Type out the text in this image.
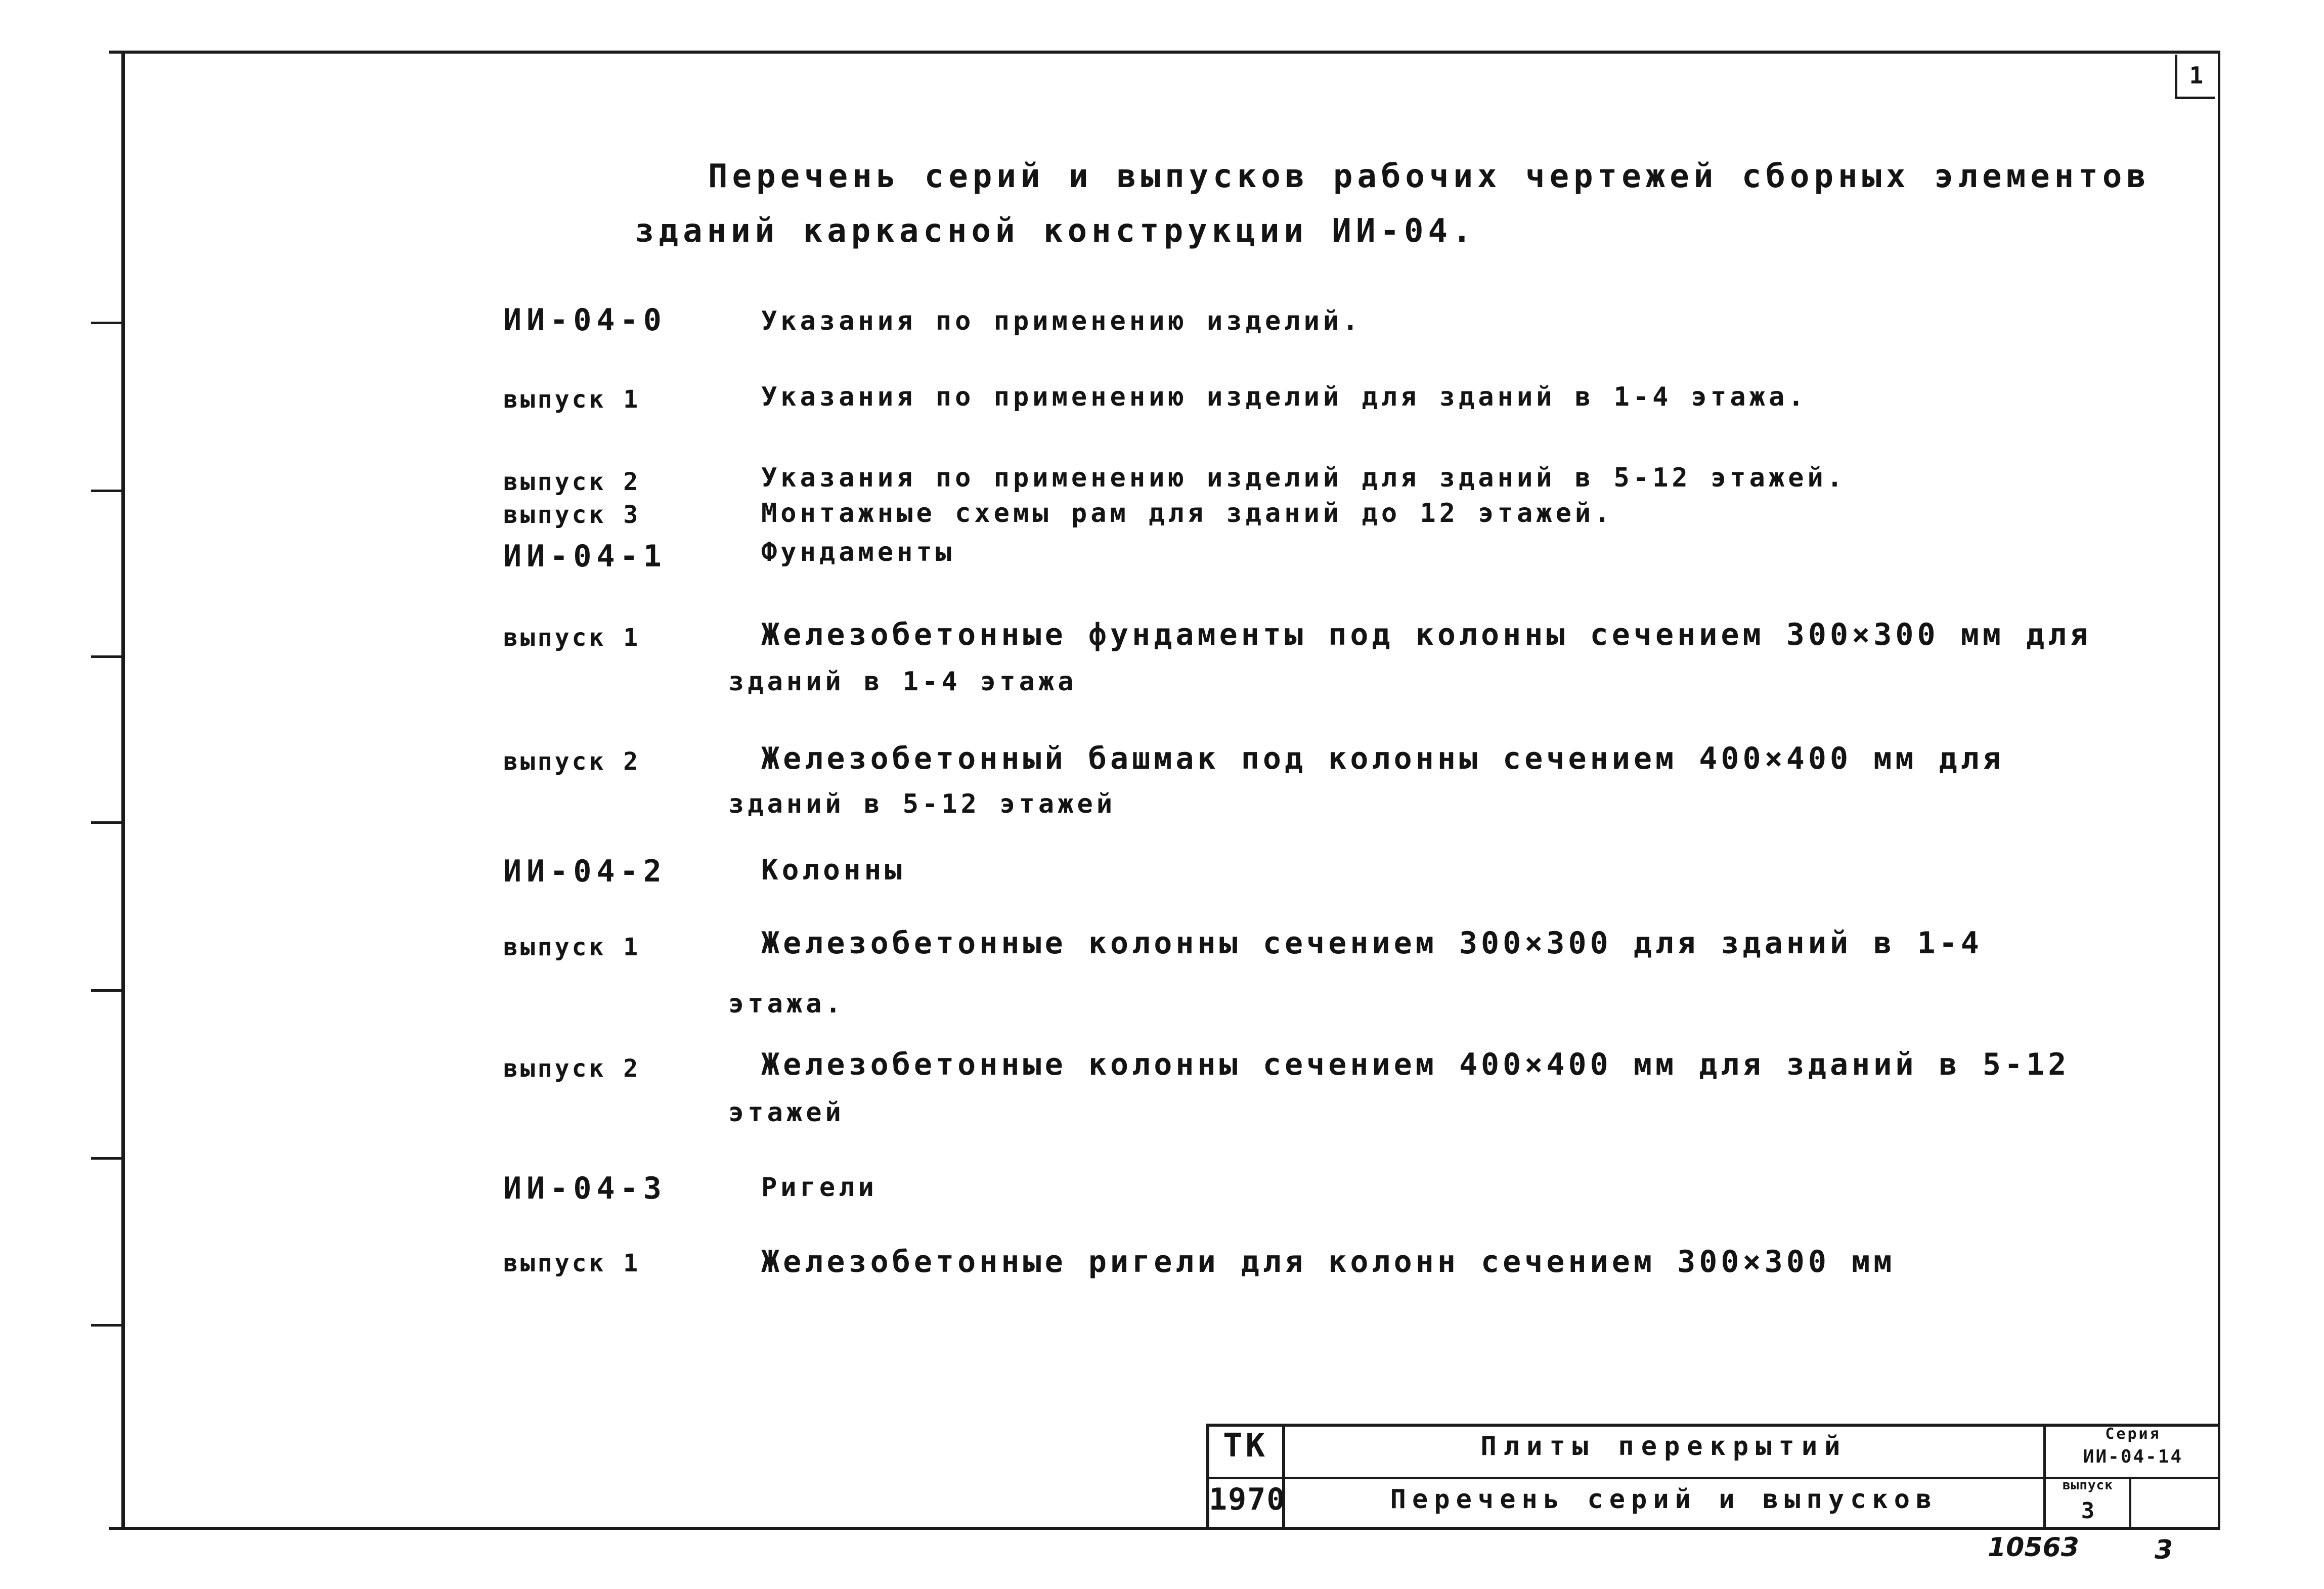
1
Перечень серий и выпусков рабочих чертежей сборных элементов
зданий каркасной конструкции ИИ-04.
ИИ-04-0	Указания по применению изделий.
выпуск 1	Указания по применению изделий для зданий в 1-4 этажа.
выпуск 2	Указания по применению изделий для зданий в 5-12 этажей.
выпуск 3	Монтажные схемы рам для зданий до 12 этажей.
ИИ-04-1	Фундаменты
выпуск 1	Железобетонные фундаменты под колонны сечением 300×300 мм для
зданий в 1-4 этажа
выпуск 2	Железобетонный башмак под колонны сечением 400×400 мм для
зданий в 5-12 этажей
ИИ-04-2	Колонны
выпуск 1	Железобетонные колонны сечением 300×300 для зданий в 1-4
этажа.
выпуск 2	Железобетонные колонны сечением 400×400 мм для зданий в 5-12
этажей
ИИ-04-3	Ригели
выпуск 1	Железобетонные ригели для колонн сечением 300×300 мм
ТК
1970
Плиты перекрытий
Перечень серий и выпусков
Серия
ИИ-04-14
выпуск
3
10563	3
